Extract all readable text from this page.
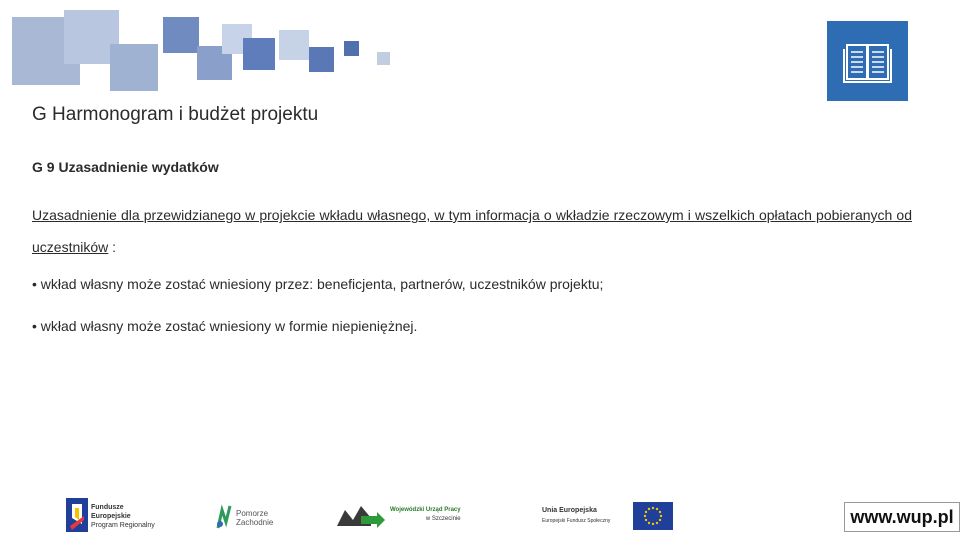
G Harmonogram i budżet projektu
G 9 Uzasadnienie wydatków
Uzasadnienie dla przewidzianego w projekcie wkładu własnego, w tym informacja o wkładzie rzeczowym i wszelkich opłatach pobieranych od uczestników :
• wkład własny może zostać wniesiony przez: beneficjenta, partnerów, uczestników projektu;
• wkład własny może zostać wniesiony w formie niepieniężnej.
Fundusze
Europejskie
Program Regionalny
Pomorze
Zachodnie
Wojewódzki Urząd Pracy
w Szczecinie
Unia Europejska
Europejski Fundusz Społeczny	www.wup.pl
